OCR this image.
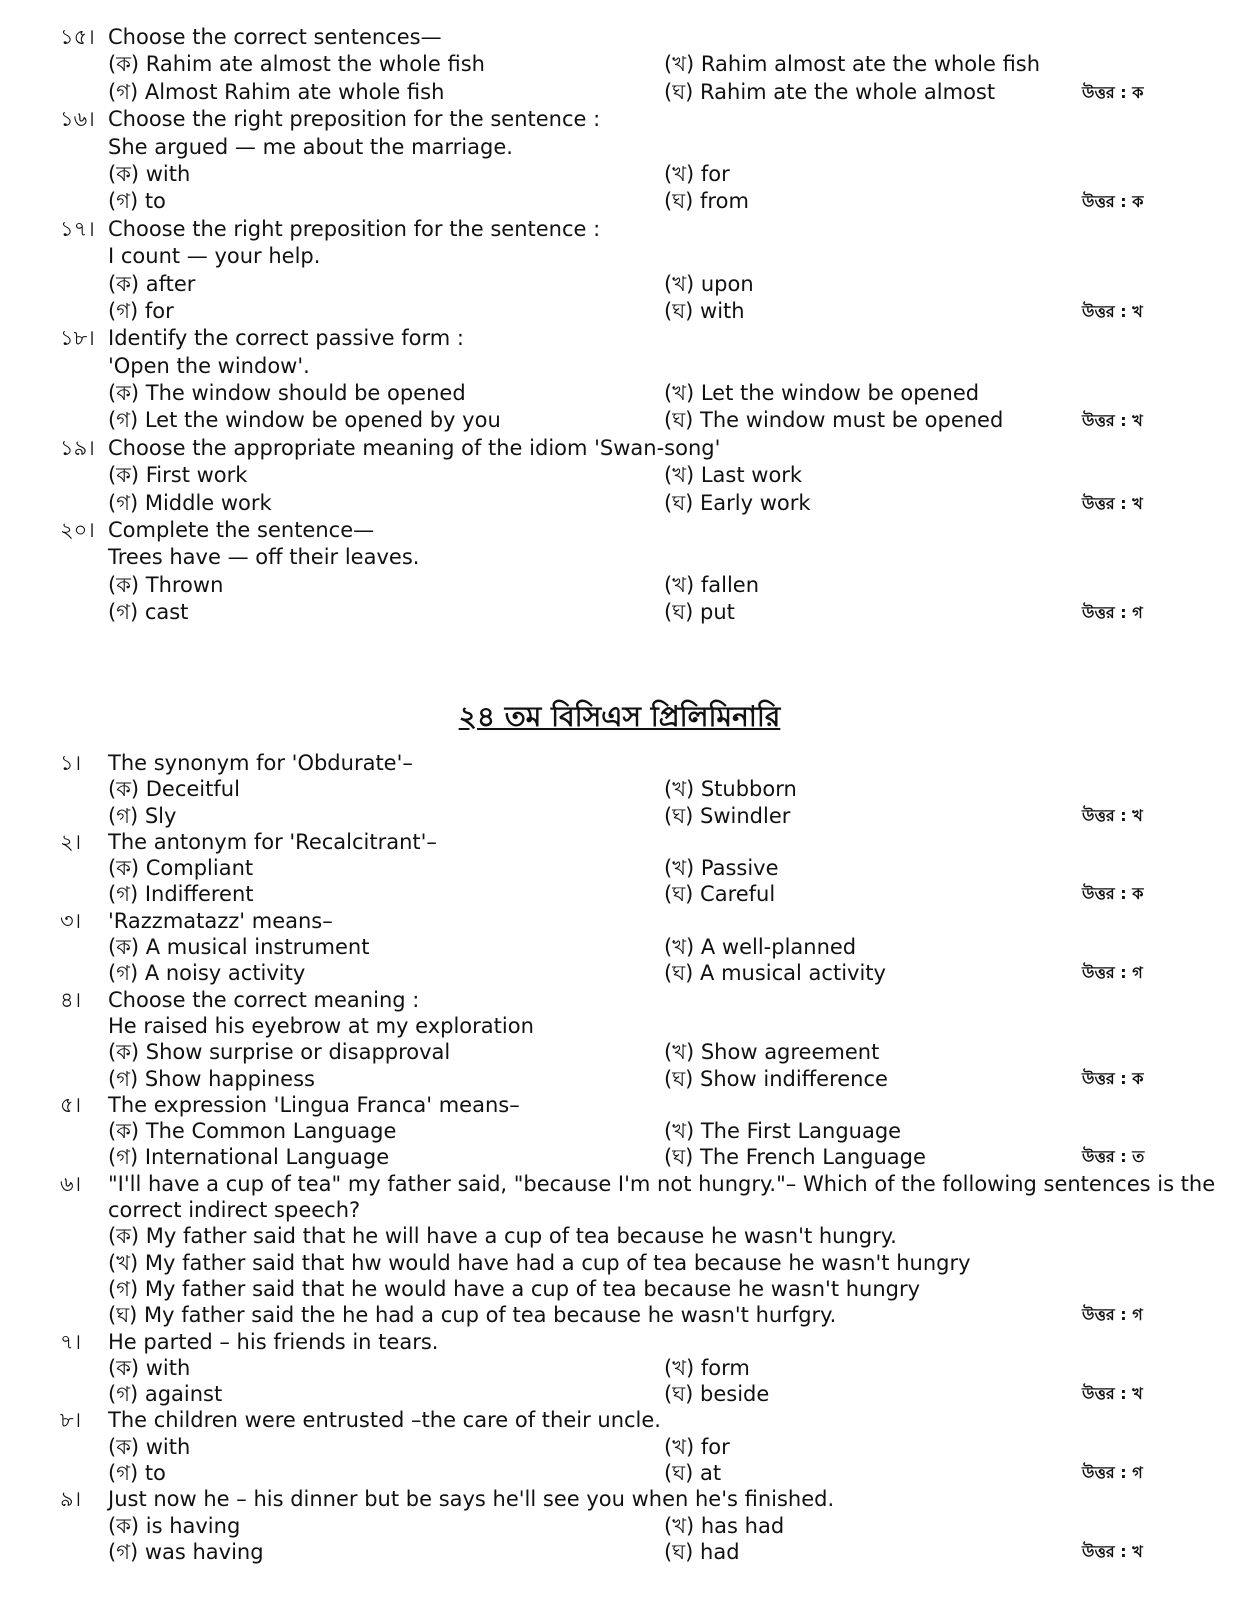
১৫। Choose the correct sentences—
(ক) Rahim ate almost the whole fish	(খ) Rahim almost ate the whole fish
(গ) Almost Rahim ate whole fish	(ঘ) Rahim ate the whole almost	উত্তর : ক
১৬। Choose the right preposition for the sentence :
She argued — me about the marriage.
(ক) with	(খ) for
(গ) to	(ঘ) from	উত্তর : ক
১৭। Choose the right preposition for the sentence :
I count — your help.
(ক) after	(খ) upon
(গ) for	(ঘ) with	উত্তর : খ
১৮। Identify the correct passive form :
'Open the window'.
(ক) The window should be opened	(খ) Let the window be opened
(গ) Let the window be opened by you	(ঘ) The window must be opened	উত্তর : খ
১৯। Choose the appropriate meaning of the idiom 'Swan-song'
(ক) First work	(খ) Last work
(গ) Middle work	(ঘ) Early work	উত্তর : খ
২০। Complete the sentence—
Trees have — off their leaves.
(ক) Thrown	(খ) fallen
(গ) cast	(ঘ) put	উত্তর : গ
২৪ তম বিসিএস প্রিলিমিনারি
১। The synonym for 'Obdurate'–
(ক) Deceitful	(খ) Stubborn
(গ) Sly	(ঘ) Swindler	উত্তর : খ
২। The antonym for 'Recalcitrant'–
(ক) Compliant	(খ) Passive
(গ) Indifferent	(ঘ) Careful	উত্তর : ক
৩। 'Razzmatazz' means–
(ক) A musical instrument	(খ) A well-planned
(গ) A noisy activity	(ঘ) A musical activity	উত্তর : গ
৪। Choose the correct meaning :
He raised his eyebrow at my exploration
(ক) Show surprise or disapproval	(খ) Show agreement
(গ) Show happiness	(ঘ) Show indifference	উত্তর : ক
৫। The expression 'Lingua Franca' means–
(ক) The Common Language	(খ) The First Language
(গ) International Language	(ঘ) The French Language	উত্তর : ত
৬। "I'll have a cup of tea" my father said, "because I'm not hungry."– Which of the following sentences is the
correct indirect speech?
(ক) My father said that he will have a cup of tea because he wasn't hungry.
(খ) My father said that hw would have had a cup of tea because he wasn't hungry
(গ) My father said that he would have a cup of tea because he wasn't hungry
(ঘ) My father said the he had a cup of tea because he wasn't hurfgry.	উত্তর : গ
৭। He parted – his friends in tears.
(ক) with	(খ) form
(গ) against	(ঘ) beside	উত্তর : খ
৮। The children were entrusted –the care of their uncle.
(ক) with	(খ) for
(গ) to	(ঘ) at	উত্তর : গ
৯। Just now he – his dinner but be says he'll see you when he's finished.
(ক) is having	(খ) has had
(গ) was having	(ঘ) had	উত্তর : খ
